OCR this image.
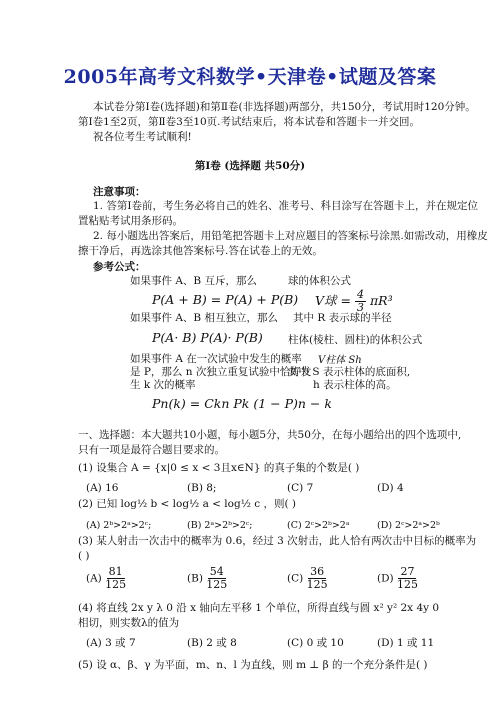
2005年高考文科数学•天津卷•试题及答案
本试卷分第Ⅰ卷(选择题)和第Ⅱ卷(非选择题)两部分，共150分，考试用时120分钟。
第Ⅰ卷1至2页，第Ⅱ卷3至10页.考试结束后，将本试卷和答题卡一并交回。
祝各位考生考试顺利!
第Ⅰ卷 (选择题 共50分)
注意事项：
1. 答第Ⅰ卷前，考生务必将自己的姓名、准考号、科目涂写在答题卡上，并在规定位
置粘贴考试用条形码。
2. 每小题选出答案后，用铅笔把答题卡上对应题目的答案标号涂黑.如需改动，用橡皮
擦干净后，再选涂其他答案标号.答在试卷上的无效。
参考公式：
如果事件 A、B 互斥，那么
P(A + B) = P(A) + P(B)
如果事件 A、B 相互独立，那么
P(A· B) P(A)· P(B)
如果事件 A 在一次试验中发生的概率
是 P，那么 n 次独立重复试验中恰好发
生 k 次的概率
Pn(k) = Ckn Pk (1 − P)n − k
球的体积公式
V球 = $\frac{4}{3} \pi R^3$
其中 R 表示球的半径
柱体(棱柱、圆柱)的体积公式
V柱体 Sh
其中 S 表示柱体的底面积,
h 表示柱体的高。
一、选择题：本大题共10小题，每小题5分，共50分，在每小题给出的四个选项中,
只有一项是最符合题目要求的。
(1) 设集合 A = {x|0 ≤ x < 3且x∈N} 的真子集的个数是( )
(A) 16	(B) 8;	(C) 7	(D) 4
(2) 已知 log½ b < log½ a < log½ c ，则( )
(A) 2ᵇ>2ᵃ>2ᶜ;	(B) 2ᵃ>2ᵇ>2ᶜ;	(C) 2ᶜ>2ᵇ>2ᵃ	(D) 2ᶜ>2ᵃ>2ᵇ
(3) 某人射击一次击中的概率为 0.6，经过 3 次射击，此人恰有两次击中目标的概率为
( )
$(A) \frac{81}{125}$	$(B) \frac{54}{125}$	$(C) \frac{36}{125}$	$(D) \frac{27}{125}$
(4) 将直线 2x y λ 0 沿 x 轴向左平移 1 个单位，所得直线与圆 x² y² 2x 4y 0
相切，则实数λ的值为
(A) 3 或 7	(B) 2 或 8	(C) 0 或 10	(D) 1 或 11
(5) 设 α、β、γ 为平面，m、n、l 为直线，则 m ⊥ β 的一个充分条件是( )
